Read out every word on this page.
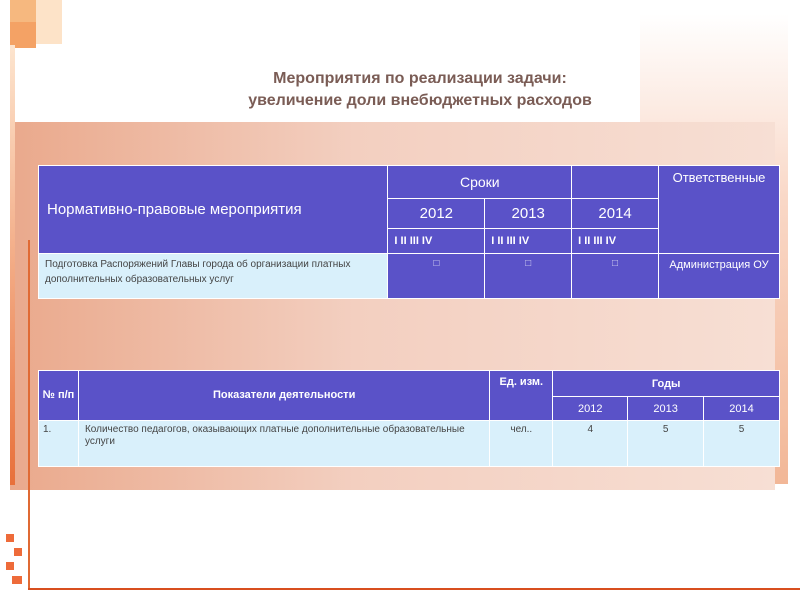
Мероприятия по реализации задачи:
увеличение доли внебюджетных расходов
Нормативно-правовые мероприятия	Сроки			Ответственные
	2012	2013	2014	
	I II III IV	I II III IV	I II III IV	
Подготовка Распоряжений Главы города об организации платных дополнительных образовательных услуг	□	□	□	Администрация ОУ
№ п/п	Показатели деятельности	Ед. изм.	Годы		
			2012	2013	2014
1.	Количество педагогов, оказывающих платные дополнительные образовательные услуги	чел..	4	5	5
